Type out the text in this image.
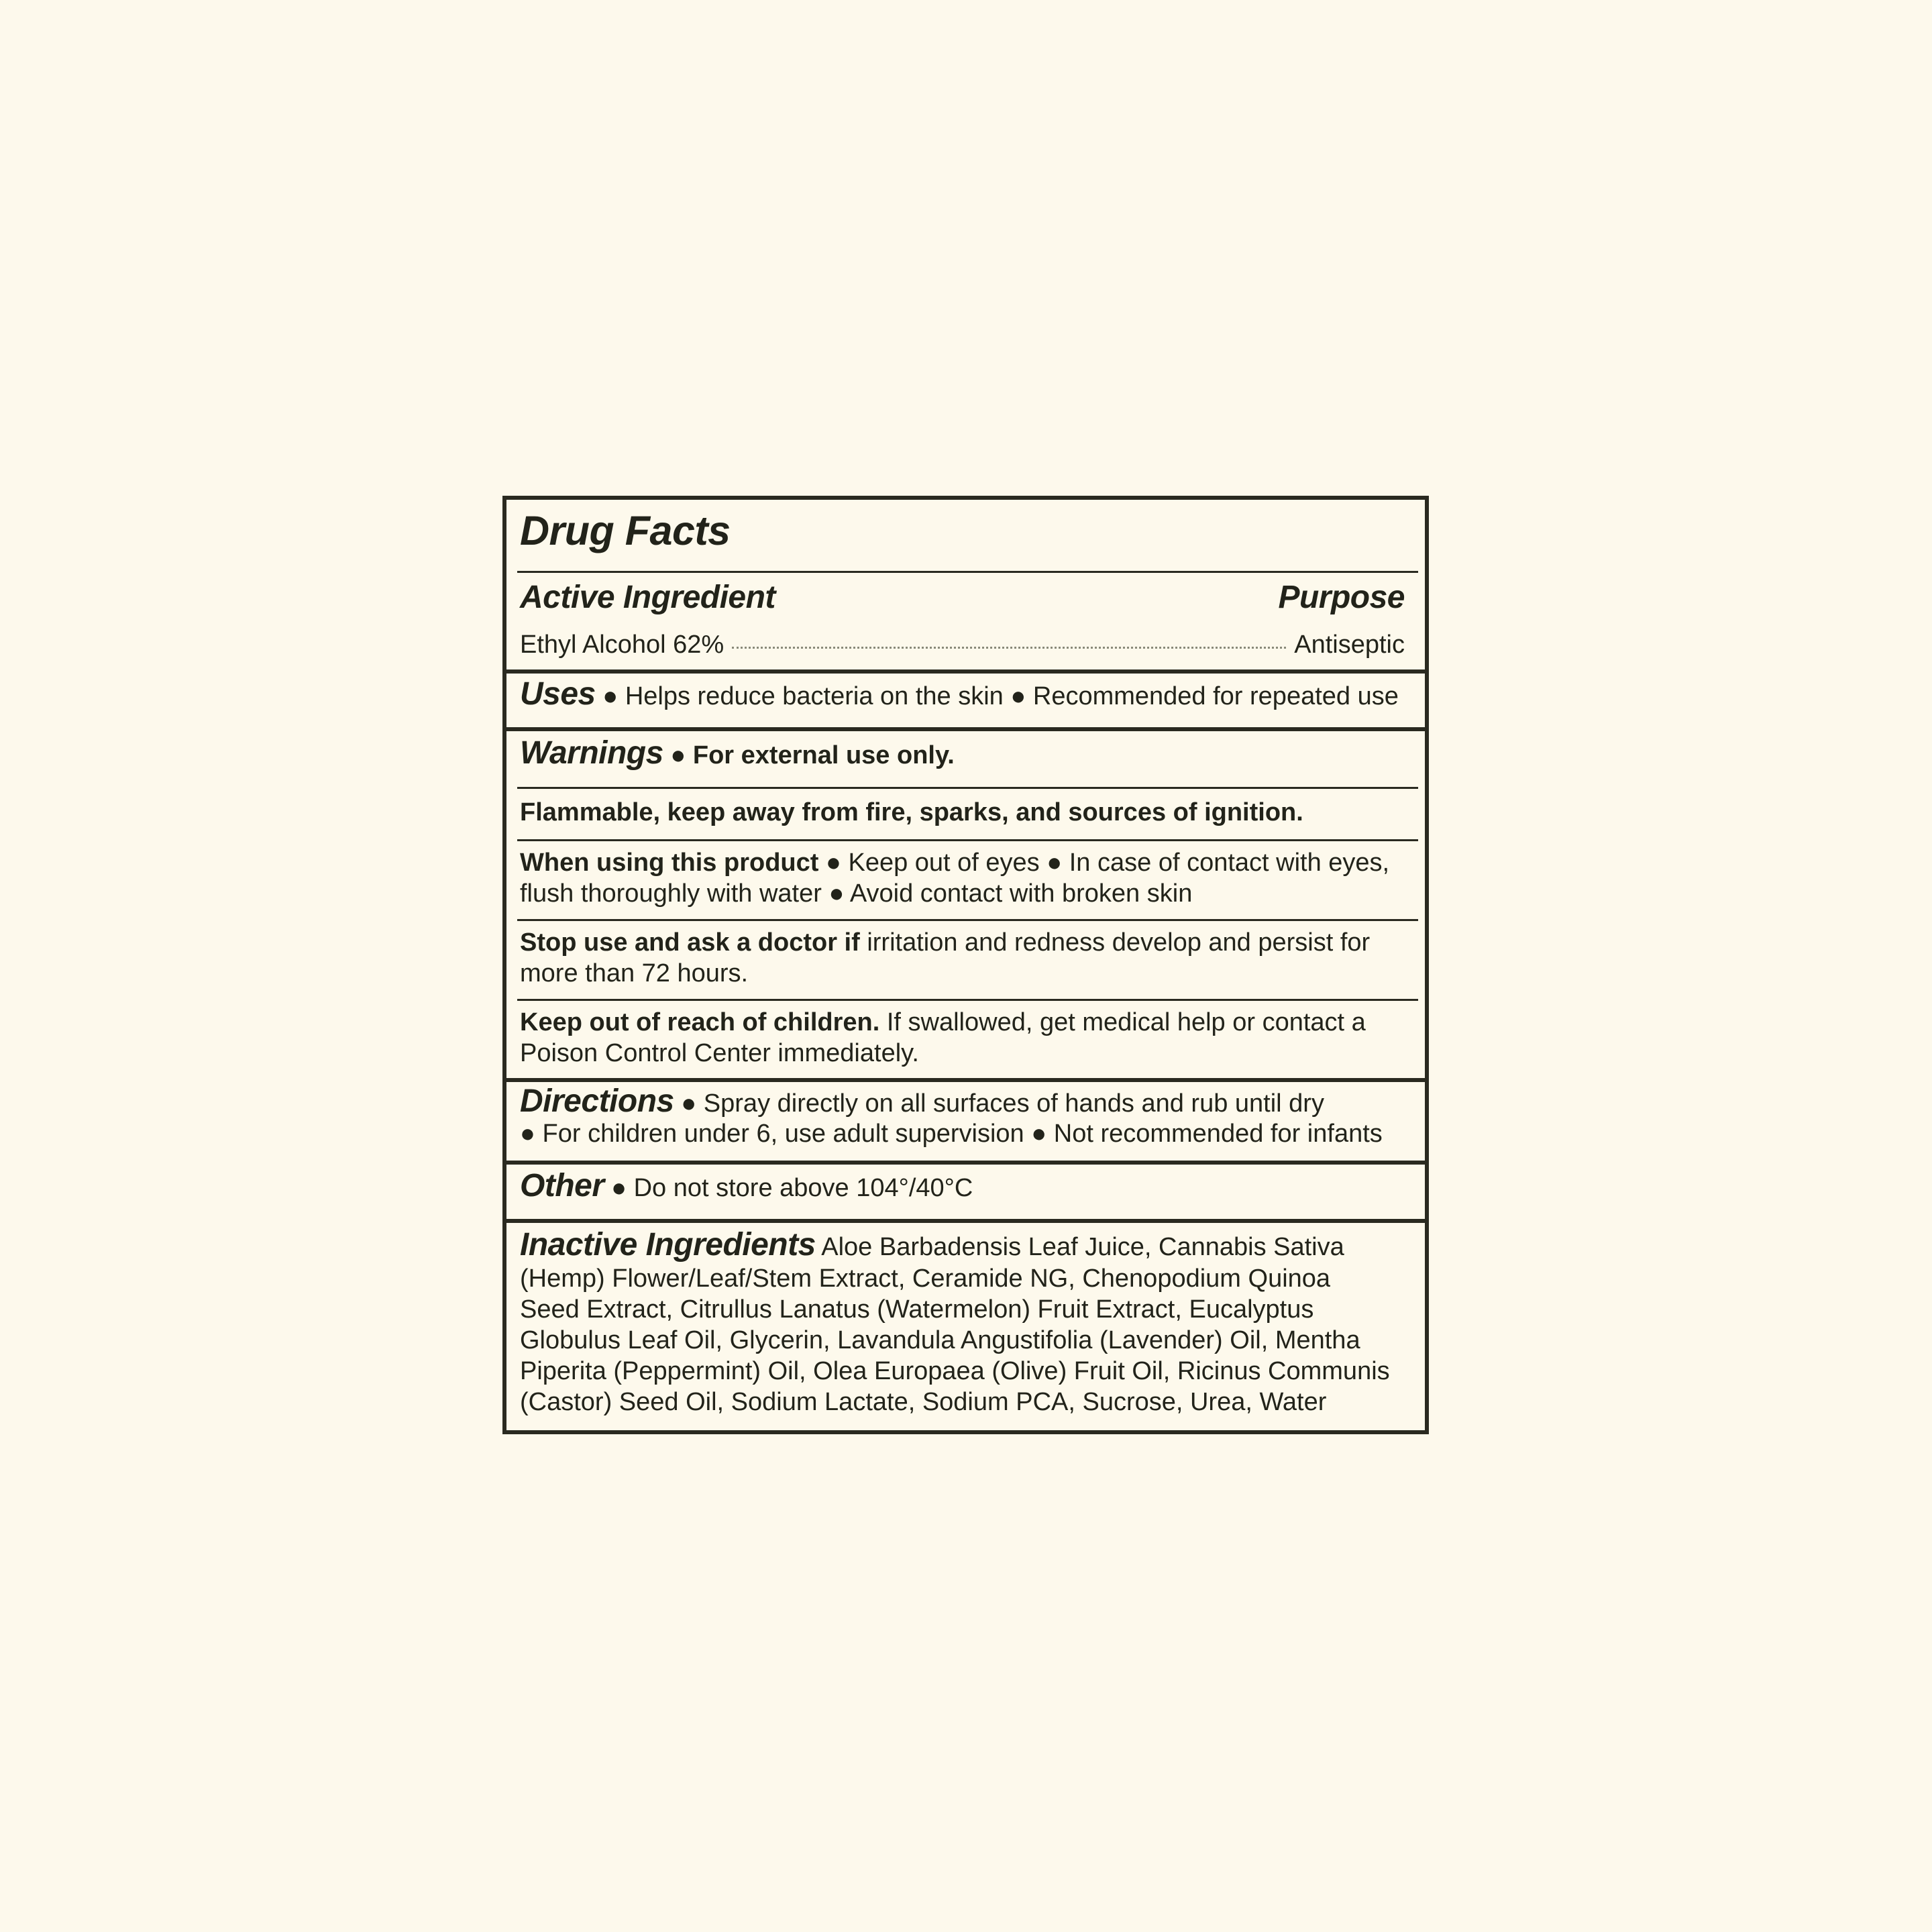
Drug Facts
Active Ingredient	Purpose
Ethyl Alcohol 62%	Antiseptic
Uses ● Helps reduce bacteria on the skin ● Recommended for repeated use
Warnings ● For external use only.
Flammable, keep away from fire, sparks, and sources of ignition.
When using this product ● Keep out of eyes ● In case of contact with eyes,
flush thoroughly with water ● Avoid contact with broken skin
Stop use and ask a doctor if irritation and redness develop and persist for
more than 72 hours.
Keep out of reach of children. If swallowed, get medical help or contact a
Poison Control Center immediately.
Directions ● Spray directly on all surfaces of hands and rub until dry
● For children under 6, use adult supervision ● Not recommended for infants
Other ● Do not store above 104°/40°C
Inactive Ingredients Aloe Barbadensis Leaf Juice, Cannabis Sativa
(Hemp) Flower/Leaf/Stem Extract, Ceramide NG, Chenopodium Quinoa
Seed Extract, Citrullus Lanatus (Watermelon) Fruit Extract, Eucalyptus
Globulus Leaf Oil, Glycerin, Lavandula Angustifolia (Lavender) Oil, Mentha
Piperita (Peppermint) Oil, Olea Europaea (Olive) Fruit Oil, Ricinus Communis
(Castor) Seed Oil, Sodium Lactate, Sodium PCA, Sucrose, Urea, Water
